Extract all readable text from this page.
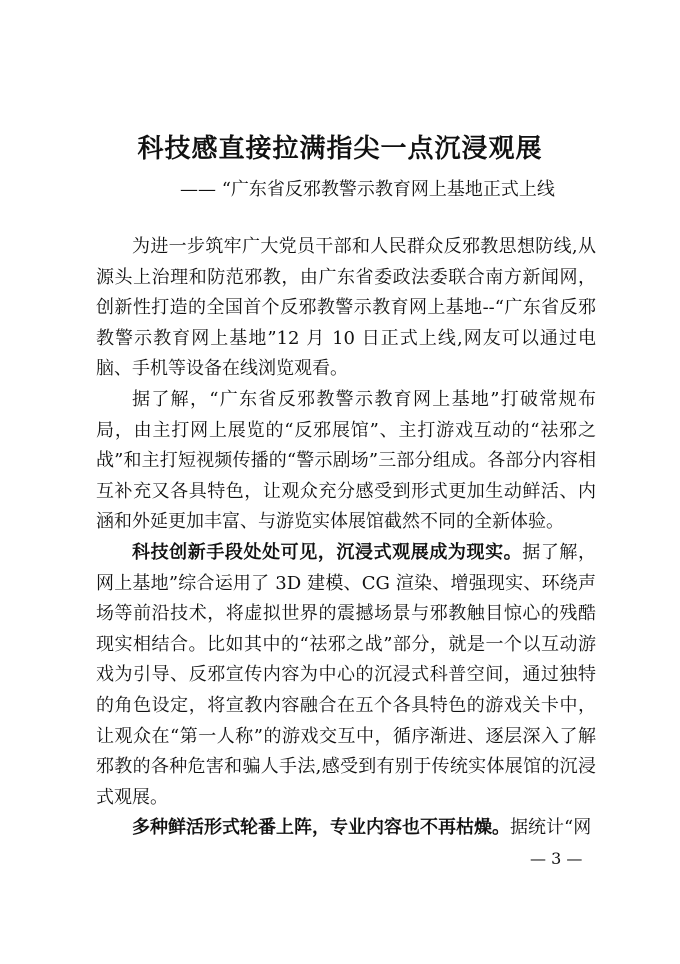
科技感直接拉满指尖一点沉浸观展
—— “广东省反邪教警示教育网上基地正式上线

为进一步筑牢广大党员干部和人民群众反邪教思想防线,从源头上治理和防范邪教，由广东省委政法委联合南方新闻网，创新性打造的全国首个反邪教警示教育网上基地--“广东省反邪教警示教育网上基地”12 月 10 日正式上线,网友可以通过电脑、手机等设备在线浏览观看。

据了解，“广东省反邪教警示教育网上基地”打破常规布局，由主打网上展览的“反邪展馆”、主打游戏互动的“祛邪之战”和主打短视频传播的“警示剧场”三部分组成。各部分内容相互补充又各具特色，让观众充分感受到形式更加生动鲜活、内涵和外延更加丰富、与游览实体展馆截然不同的全新体验。

科技创新手段处处可见，沉浸式观展成为现实。据了解，网上基地”综合运用了 3D 建模、CG 渲染、增强现实、环绕声场等前沿技术，将虚拟世界的震撼场景与邪教触目惊心的残酷现实相结合。比如其中的“祛邪之战”部分，就是一个以互动游戏为引导、反邪宣传内容为中心的沉浸式科普空间，通过独特的角色设定，将宣教内容融合在五个各具特色的游戏关卡中，让观众在“第一人称”的游戏交互中，循序渐进、逐层深入了解邪教的各种危害和骗人手法,感受到有别于传统实体展馆的沉浸式观展。

多种鲜活形式轮番上阵，专业内容也不再枯燥。据统计“网

— 3 —
